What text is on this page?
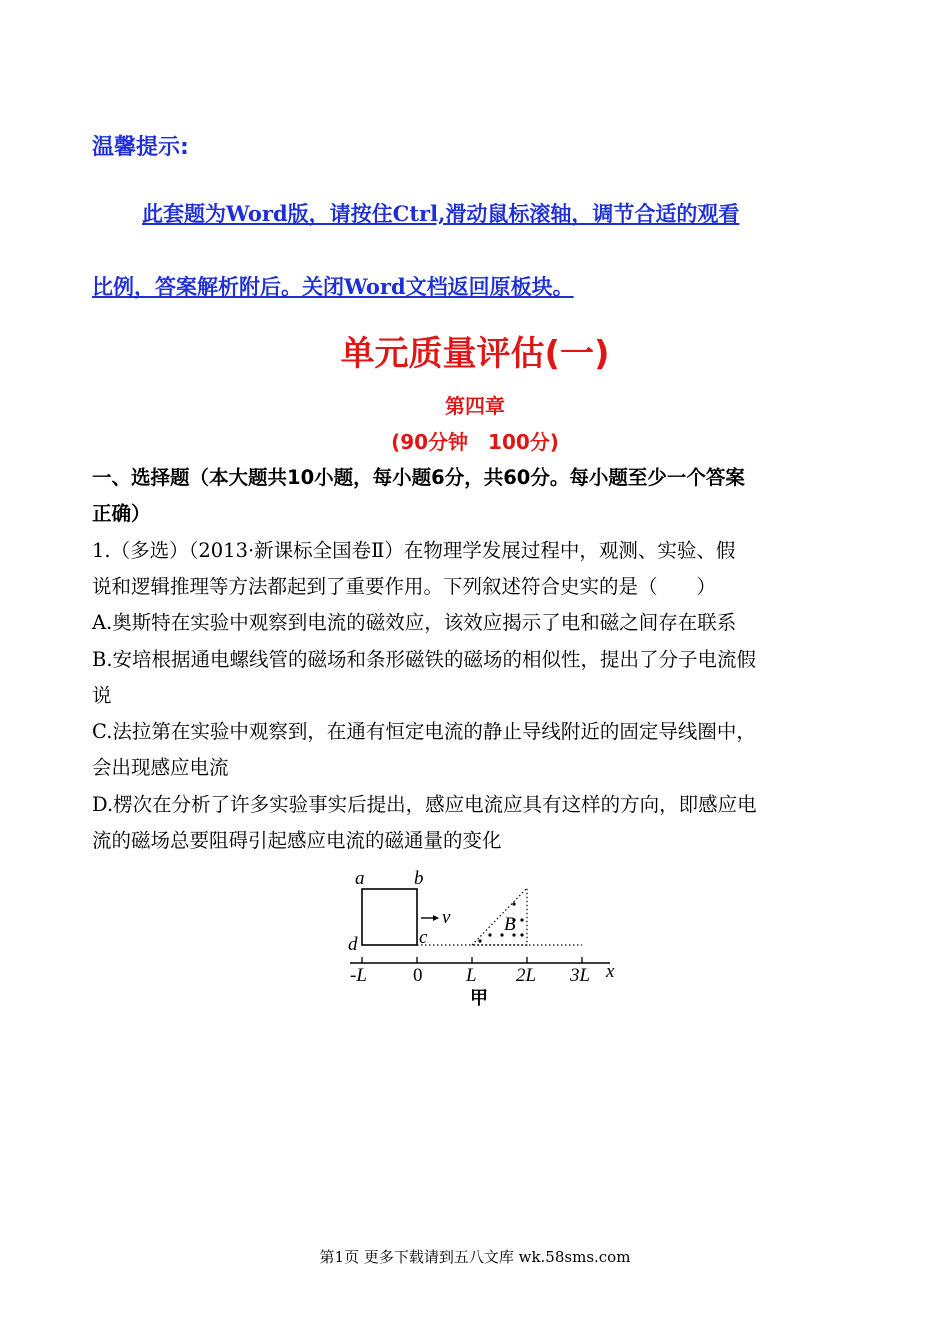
温馨提示:
此套题为Word版，请按住Ctrl,滑动鼠标滚轴，调节合适的观看
比例，答案解析附后。关闭Word文档返回原板块。
单元质量评估(一)
第四章
(90分钟　100分)
一、选择题（本大题共10小题，每小题6分，共60分。每小题至少一个答案
正确）
1.（多选）（2013·新课标全国卷Ⅱ）在物理学发展过程中，观测、实验、假
说和逻辑推理等方法都起到了重要作用。下列叙述符合史实的是（　　）
A.奥斯特在实验中观察到电流的磁效应，该效应揭示了电和磁之间存在联系
B.安培根据通电螺线管的磁场和条形磁铁的磁场的相似性，提出了分子电流假
说
C.法拉第在实验中观察到，在通有恒定电流的静止导线附近的固定导线圈中，
会出现感应电流
D.楞次在分析了许多实验事实后提出，感应电流应具有这样的方向，即感应电
流的磁场总要阻碍引起感应电流的磁通量的变化
a	b
c
d
v	B
-L 0 L 2L 3L x
甲
第1页 更多下载请到五八文库 wk.58sms.com
